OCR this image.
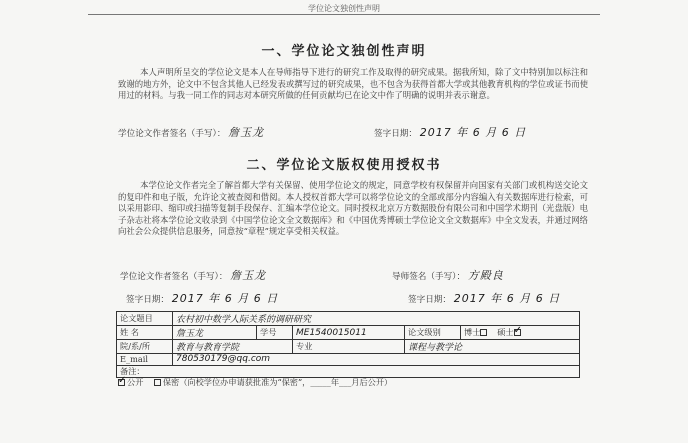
学位论文独创性声明
一、学位论文独创性声明
本人声明所呈交的学位论文是本人在导师指导下进行的研究工作及取得的研究成果。据我所知，除了文中特别加以标注和致谢的地方外，论文中不包含其他人已经发表或撰写过的研究成果，也不包含为获得首都大学或其他教育机构的学位或证书而使用过的材料。与我一同工作的同志对本研究所做的任何贡献均已在论文中作了明确的说明并表示谢意。
学位论文作者签名（手写）： 詹玉龙	签字日期： 2017 年 6 月 6 日
二、学位论文版权使用授权书
本学位论文作者完全了解首都大学有关保留、使用学位论文的规定，同意学校有权保留并向国家有关部门或机构送交论文的复印件和电子版，允许论文被查阅和借阅。本人授权首都大学可以将学位论文的全部或部分内容编入有关数据库进行检索，可以采用影印、缩印或扫描等复制手段保存、汇编本学位论文。同时授权北京万方数据股份有限公司和中国学术期刊（光盘版）电子杂志社将本学位论文收录到《中国学位论文全文数据库》和《中国优秀博硕士学位论文全文数据库》中全文发表，并通过网络向社会公众提供信息服务，同意按“章程”规定享受相关权益。
学位论文作者签名（手写）： 詹玉龙	导师签名（手写）： 方殿良
签字日期： 2017 年 6 月 6 日	签字日期： 2017 年 6 月 6 日
论文题目	农村初中数学人际关系的调研研究				
姓 名	詹玉龙	学号	ME1540015011	论文级别	博士 硕士✓
院/系/所	教育与教育学院		专业	课程与教学论	
E_mail	780530179@qq.com				
备注：					
✓公开 保密（向校学位办申请获批准为“保密”，_____年___月后公开）
